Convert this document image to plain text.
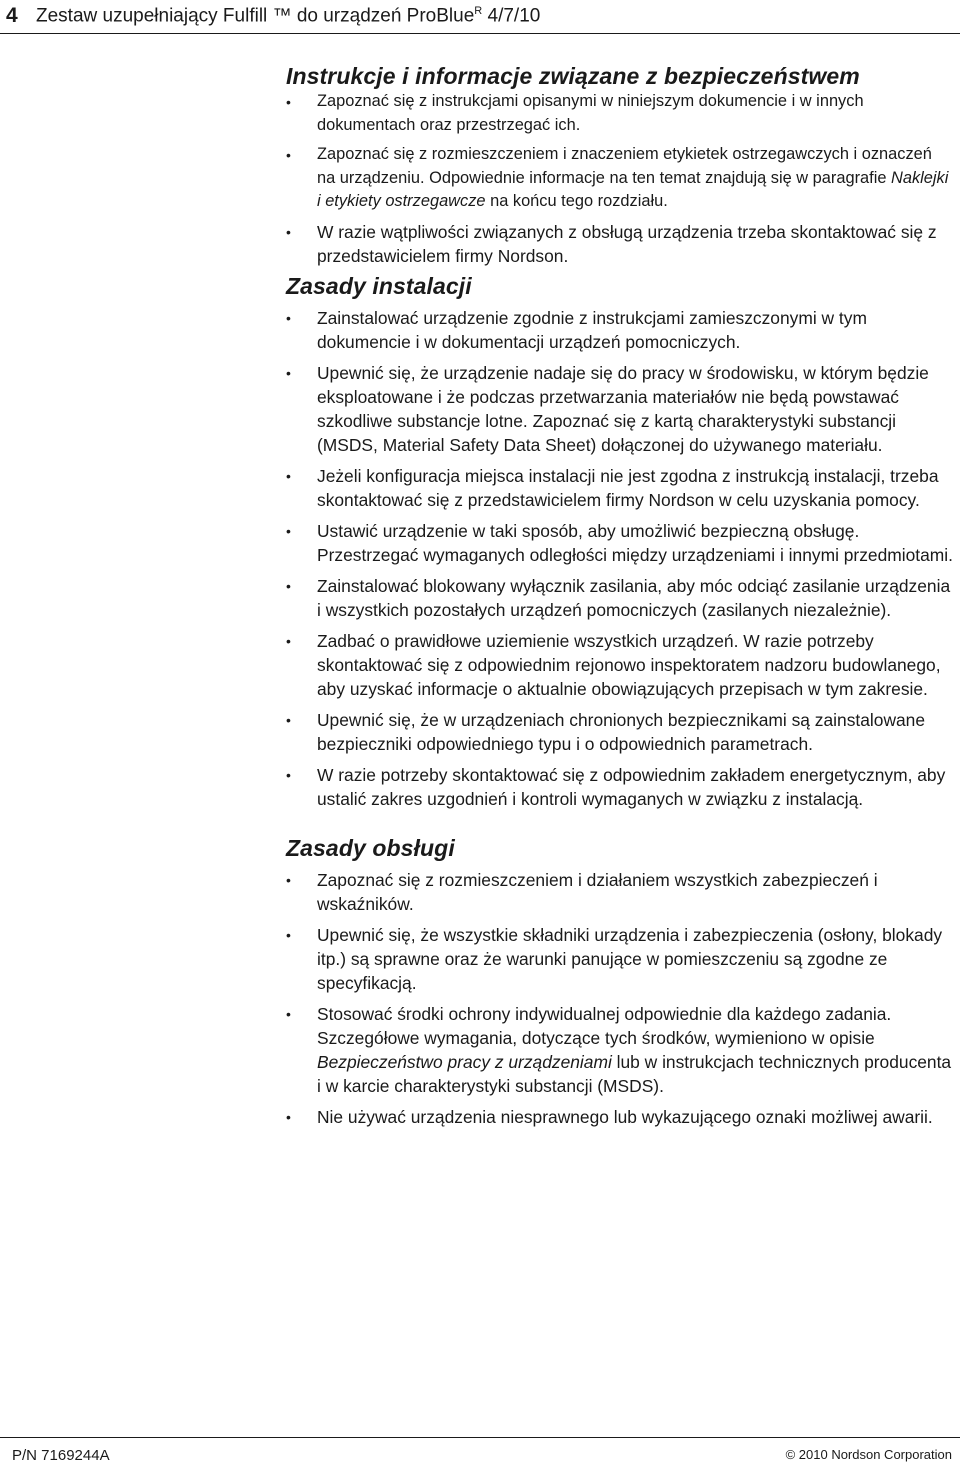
4 Zestaw uzupełniający Fulfill ™ do urządzeń ProBlue$^R$ 4/7/10
Instrukcje i informacje związane z bezpieczeństwem
• Zapoznać się z instrukcjami opisanymi w niniejszym dokumencie i w innych dokumentach oraz przestrzegać ich.
• Zapoznać się z rozmieszczeniem i znaczeniem etykietek ostrzegawczych i oznaczeń na urządzeniu. Odpowiednie informacje na ten temat znajdują się w paragrafie Naklejki i etykiety ostrzegawcze na końcu tego rozdziału.
• W razie wątpliwości związanych z obsługą urządzenia trzeba skontaktować się z przedstawicielem firmy Nordson.
Zasady instalacji
• Zainstalować urządzenie zgodnie z instrukcjami zamieszczonymi w tym dokumencie i w dokumentacji urządzeń pomocniczych.
• Upewnić się, że urządzenie nadaje się do pracy w środowisku, w którym będzie eksploatowane i że podczas przetwarzania materiałów nie będą powstawać szkodliwe substancje lotne. Zapoznać się z kartą charakterystyki substancji (MSDS, Material Safety Data Sheet) dołączonej do używanego materiału.
• Jeżeli konfiguracja miejsca instalacji nie jest zgodna z instrukcją instalacji, trzeba skontaktować się z przedstawicielem firmy Nordson w celu uzyskania pomocy.
• Ustawić urządzenie w taki sposób, aby umożliwić bezpieczną obsługę. Przestrzegać wymaganych odległości między urządzeniami i innymi przedmiotami.
• Zainstalować blokowany wyłącznik zasilania, aby móc odciąć zasilanie urządzenia i wszystkich pozostałych urządzeń pomocniczych (zasilanych niezależnie).
• Zadbać o prawidłowe uziemienie wszystkich urządzeń. W razie potrzeby skontaktować się z odpowiednim rejonowo inspektoratem nadzoru budowlanego, aby uzyskać informacje o aktualnie obowiązujących przepisach w tym zakresie.
• Upewnić się, że w urządzeniach chronionych bezpiecznikami są zainstalowane bezpieczniki odpowiedniego typu i o odpowiednich parametrach.
• W razie potrzeby skontaktować się z odpowiednim zakładem energetycznym, aby ustalić zakres uzgodnień i kontroli wymaganych w związku z instalacją.
Zasady obsługi
• Zapoznać się z rozmieszczeniem i działaniem wszystkich zabezpieczeń i wskaźników.
• Upewnić się, że wszystkie składniki urządzenia i zabezpieczenia (osłony, blokady itp.) są sprawne oraz że warunki panujące w pomieszczeniu są zgodne ze specyfikacją.
• Stosować środki ochrony indywidualnej odpowiednie dla każdego zadania. Szczegółowe wymagania, dotyczące tych środków, wymieniono w opisie Bezpieczeństwo pracy z urządzeniami lub w instrukcjach technicznych producenta i w karcie charakterystyki substancji (MSDS).
• Nie używać urządzenia niesprawnego lub wykazującego oznaki możliwej awarii.
P/N 7169244A	© 2010 Nordson Corporation
